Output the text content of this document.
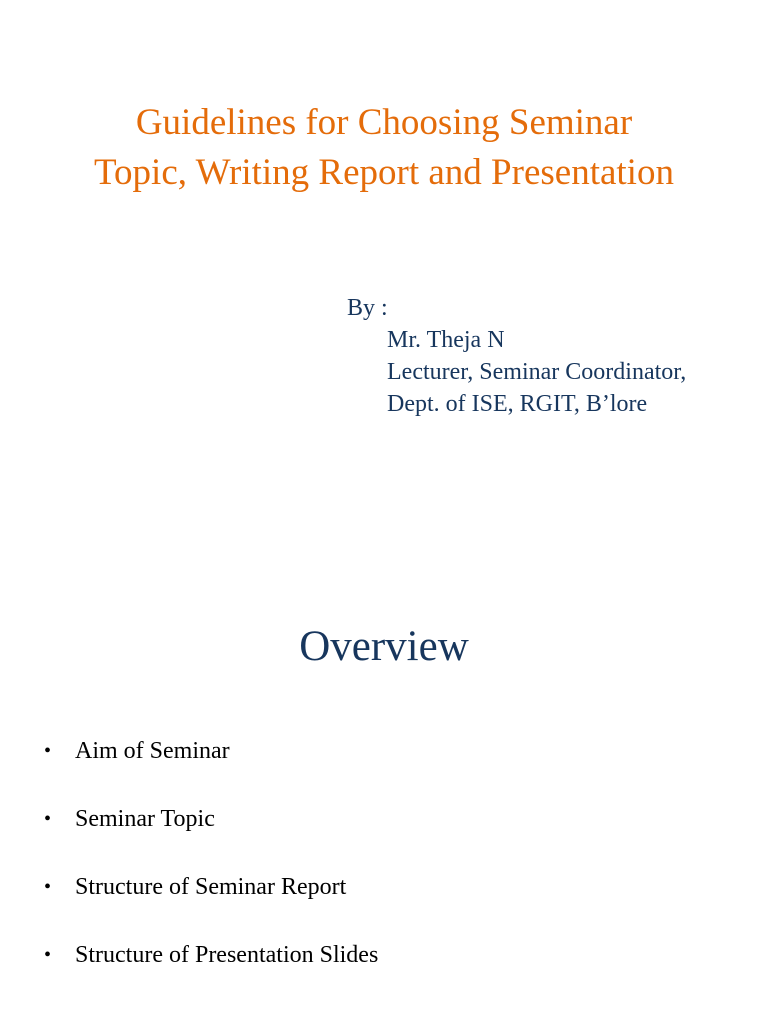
Guidelines for Choosing Seminar
Topic, Writing Report and Presentation
By :
Mr. Theja N
Lecturer, Seminar Coordinator,
Dept. of ISE, RGIT, B’lore
Overview
• Aim of Seminar
• Seminar Topic
• Structure of Seminar Report
• Structure of Presentation Slides
